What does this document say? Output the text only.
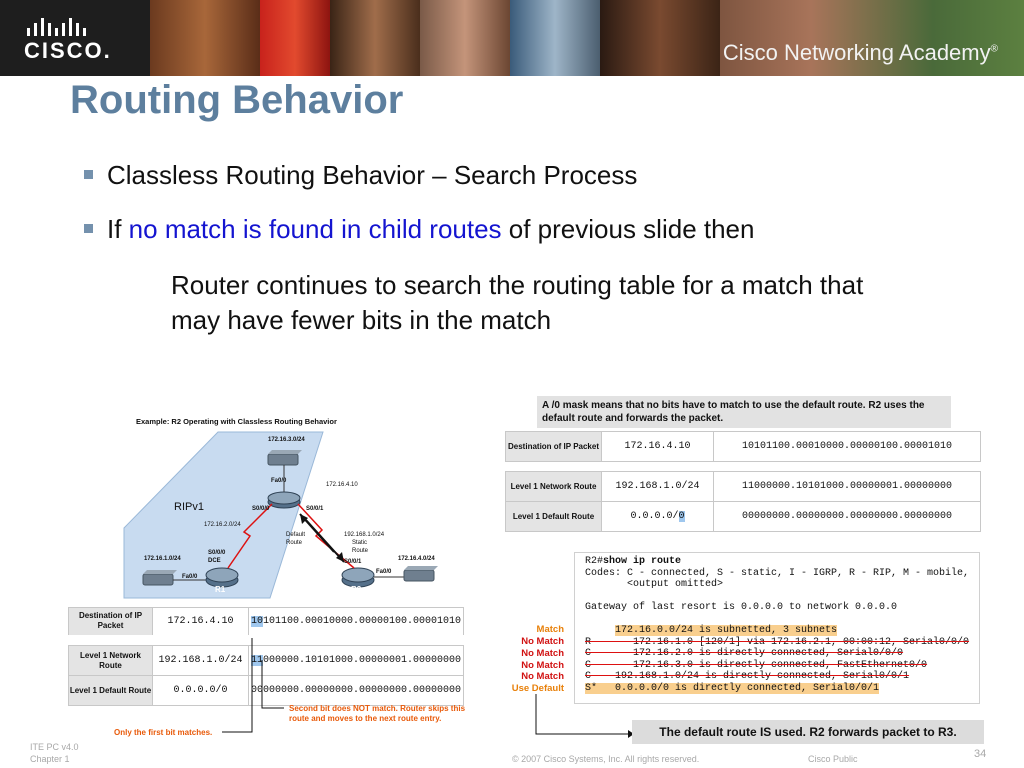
CISCO.	Cisco Networking Academy®
Routing Behavior
Classless Routing Behavior – Search Process
If no match is found in child routes of previous slide then
Router continues to search the routing table for a match that may have fewer bits in the match
Example: R2 Operating with Classless Routing Behavior
RIPv1
R1	R3
172.16.3.0/24
Fa0/0
172.16.4.10
S0/0/0	S0/0/1
172.16.2.0/24
Default
Route
192.168.1.0/24
Static
Route
S0/0/0
DCE
172.16.1.0/24
Fa0/0
S0/0/1	172.16.4.0/24
Fa0/0
Destination of IP Packet	172.16.4.10	10101100.00010000.00000100.00001010

Level 1 Network Route	192.168.1.0/24	11000000.10101000.00000001.00000000
Level 1 Default Route	0.0.0.0/0	00000000.00000000.00000000.00000000
Second bit does NOT match. Router skips this route and moves to the next route entry.
Only the first bit matches.
A /0 mask means that no bits have to match to use the default route. R2 uses the default route and forwards the packet.
Destination of IP Packet	172.16.4.10	10101100.00010000.00000100.00001010

Level 1 Network Route	192.168.1.0/24	11000000.10101000.00000001.00000000
Level 1 Default Route	0.0.0.0/0	00000000.00000000.00000000.00000000
R2#show ip route
Codes: C - connected, S - static, I - IGRP, R - RIP, M - mobile,
<output omitted>

Gateway of last resort is 0.0.0.0 to network 0.0.0.0

172.16.0.0/24 is subnetted, 3 subnets
R       172.16.1.0 [120/1] via 172.16.2.1, 00:00:12, Serial0/0/0
C       172.16.2.0 is directly connected, Serial0/0/0
C       172.16.3.0 is directly connected, FastEthernet0/0
C    192.168.1.0/24 is directly connected, Serial0/0/1
S*   0.0.0.0/0 is directly connected, Serial0/0/1
Match
No Match
No Match
No Match
No Match
Use Default
The default route IS used. R2 forwards packet to R3.
ITE PC v4.0
Chapter 1	© 2007 Cisco Systems, Inc. All rights reserved.	Cisco Public	34
